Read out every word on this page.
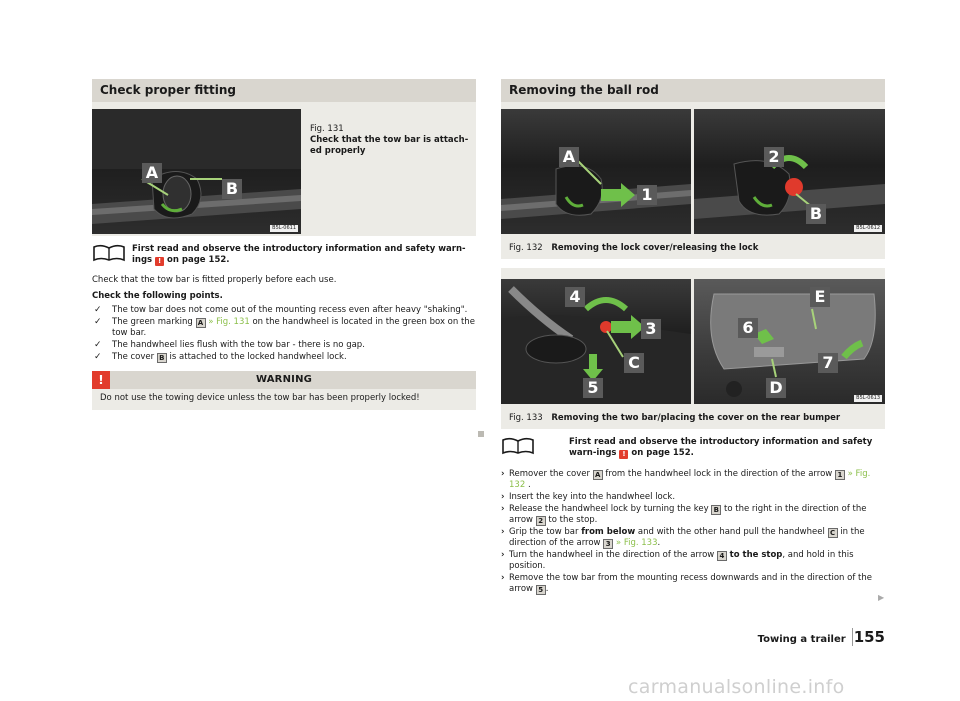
Check proper fitting
A
B
B5L-0611
Fig. 131
Check that the tow bar is attach-ed properly
First read and observe the introductory information and safety warn-ings ! on page 152.

Check that the tow bar is fitted properly before each use.

Check the following points.

✓ The tow bar does not come out of the mounting recess even after heavy "shaking".
✓ The green marking A » Fig. 131 on the handwheel is located in the green box on the tow bar.
✓ The handwheel lies flush with the tow bar - there is no gap.
✓ The cover B is attached to the locked handwheel lock.
!	WARNING
Do not use the towing device unless the tow bar has been properly locked!
Removing the ball rod
A
1
2
B
B5L-0612
Fig. 132 Removing the lock cover/releasing the lock
4
3
C
5
E
6
7
D
B5L-0613
Fig. 133 Removing the two bar/placing the cover on the rear bumper
First read and observe the introductory information and safety warn-ings ! on page 152.
› Remover the cover A from the handwheel lock in the direction of the arrow 1 » Fig. 132 .
› Insert the key into the handwheel lock.
› Release the handwheel lock by turning the key B to the right in the direction of the arrow 2 to the stop.
› Grip the tow bar from below and with the other hand pull the handwheel C in the direction of the arrow 3 » Fig. 133.
› Turn the handwheel in the direction of the arrow 4 to the stop, and hold in this position.
› Remove the tow bar from the mounting recess downwards and in the direction of the arrow 5 .
▶
Towing a trailer 155
carmanualsonline.info
